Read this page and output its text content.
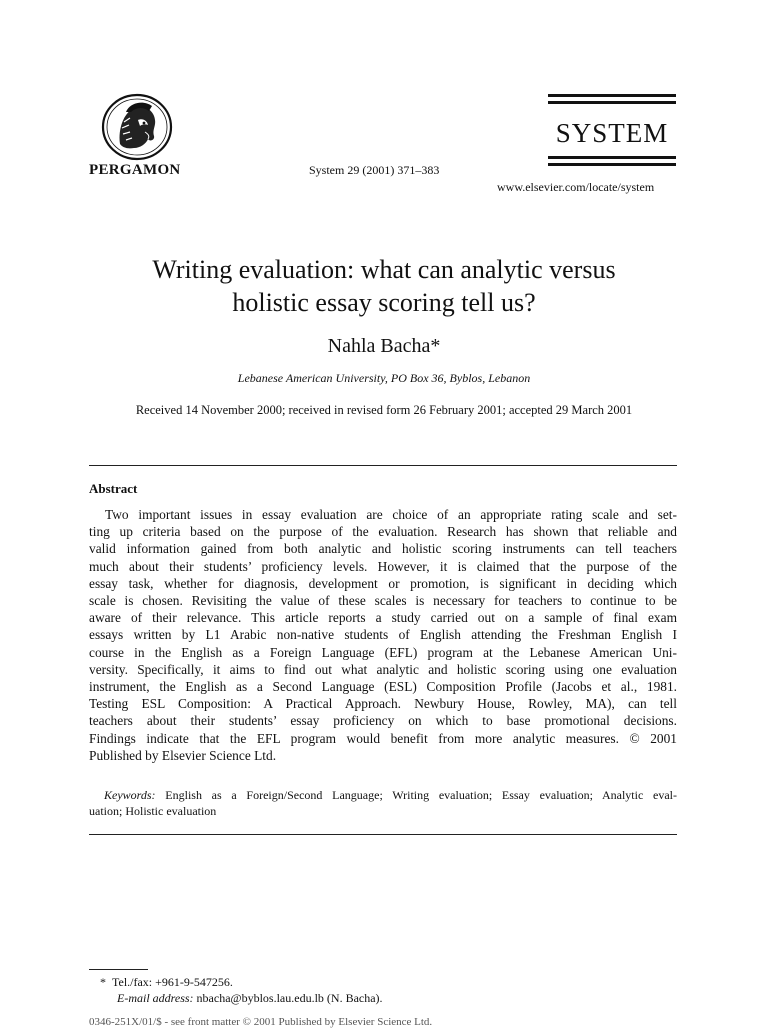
PERGAMON	System 29 (2001) 371–383
SYSTEM
www.elsevier.com/locate/system
Writing evaluation: what can analytic versus
holistic essay scoring tell us?
Nahla Bacha*
Lebanese American University, PO Box 36, Byblos, Lebanon
Received 14 November 2000; received in revised form 26 February 2001; accepted 29 March 2001
Abstract
Two important issues in essay evaluation are choice of an appropriate rating scale and set-
ting up criteria based on the purpose of the evaluation. Research has shown that reliable and
valid information gained from both analytic and holistic scoring instruments can tell teachers
much about their students’ proficiency levels. However, it is claimed that the purpose of the
essay task, whether for diagnosis, development or promotion, is significant in deciding which
scale is chosen. Revisiting the value of these scales is necessary for teachers to continue to be
aware of their relevance. This article reports a study carried out on a sample of final exam
essays written by L1 Arabic non-native students of English attending the Freshman English I
course in the English as a Foreign Language (EFL) program at the Lebanese American Uni-
versity. Specifically, it aims to find out what analytic and holistic scoring using one evaluation
instrument, the English as a Second Language (ESL) Composition Profile (Jacobs et al., 1981.
Testing ESL Composition: A Practical Approach. Newbury House, Rowley, MA), can tell
teachers about their students’ essay proficiency on which to base promotional decisions.
Findings indicate that the EFL program would benefit from more analytic measures. © 2001
Published by Elsevier Science Ltd.
Keywords: English as a Foreign/Second Language; Writing evaluation; Essay evaluation; Analytic eval-
uation; Holistic evaluation
* Tel./fax: +961-9-547256.
E-mail address: nbacha@byblos.lau.edu.lb (N. Bacha).
0346-251X/01/$ - see front matter © 2001 Published by Elsevier Science Ltd.
